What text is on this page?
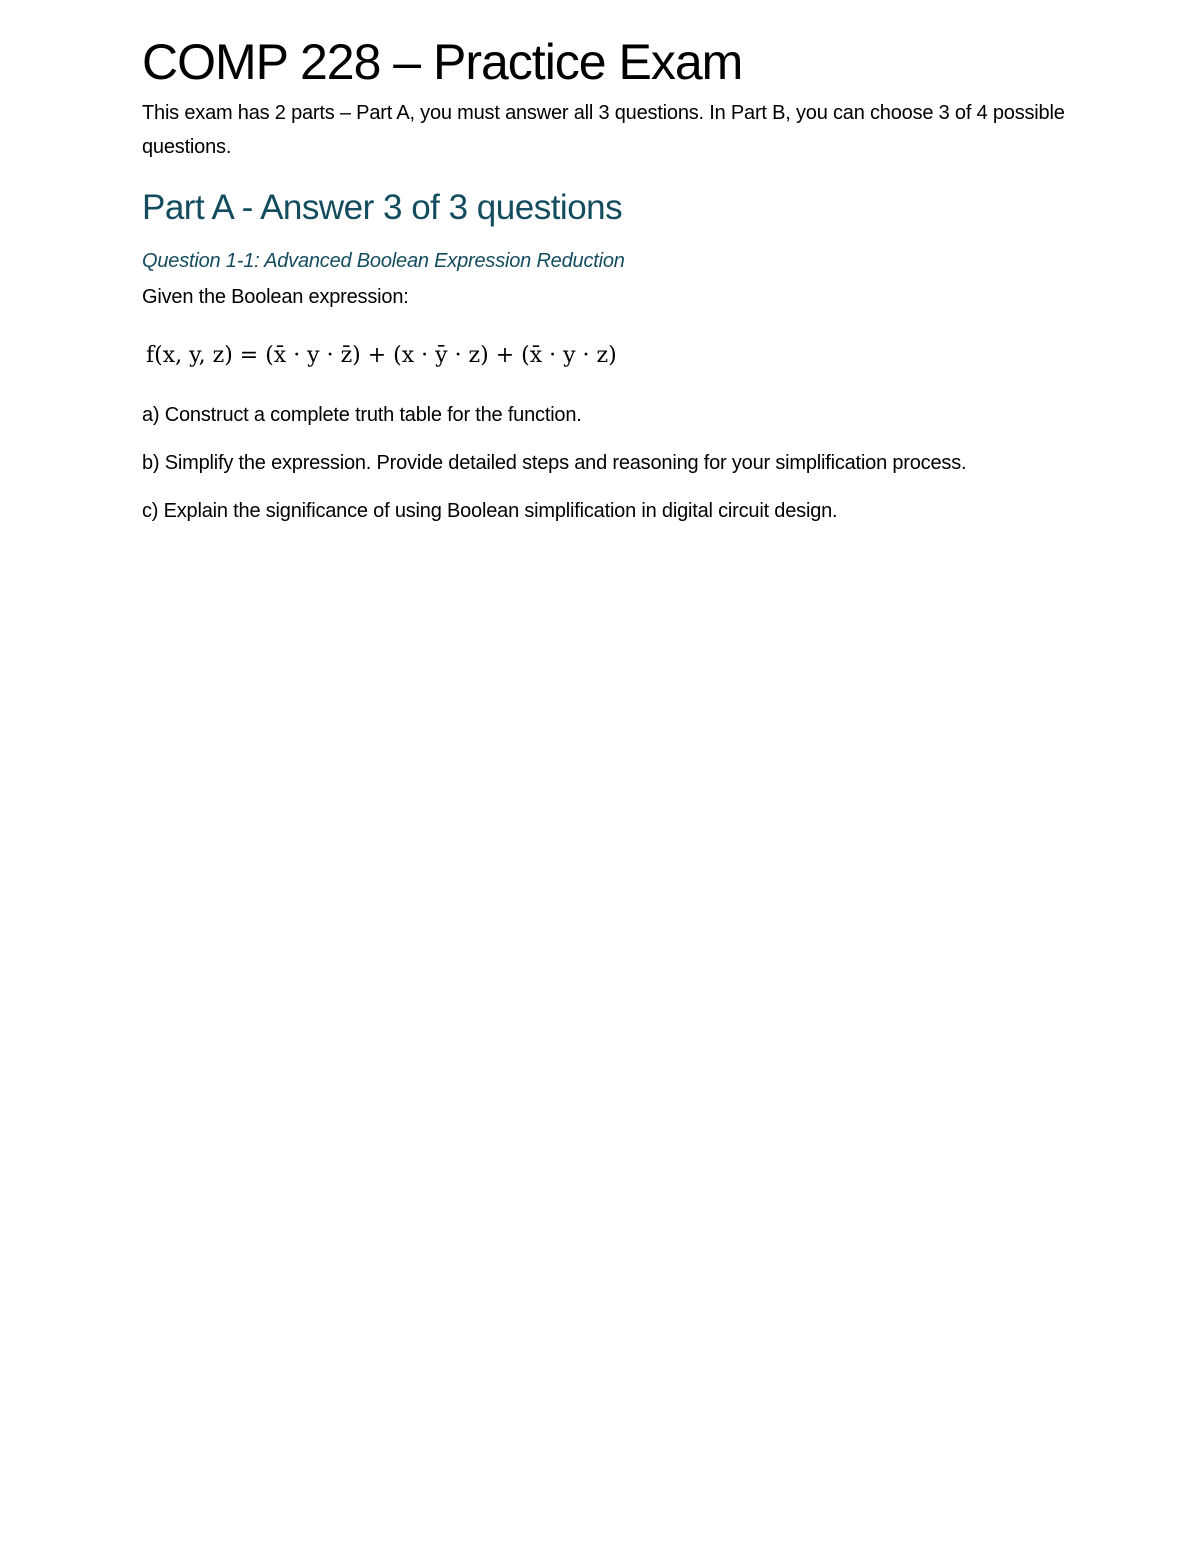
COMP 228 – Practice Exam

This exam has 2 parts – Part A, you must answer all 3 questions. In Part B, you can choose 3 of 4 possible questions.

Part A - Answer 3 of 3 questions
Question 1-1: Advanced Boolean Expression Reduction

Given the Boolean expression:

f(x, y, z) = (x̄ · y · z̄) + (x · ȳ · z) + (x̄ · y · z)

a) Construct a complete truth table for the function.

b) Simplify the expression. Provide detailed steps and reasoning for your simplification process.

c) Explain the significance of using Boolean simplification in digital circuit design.
